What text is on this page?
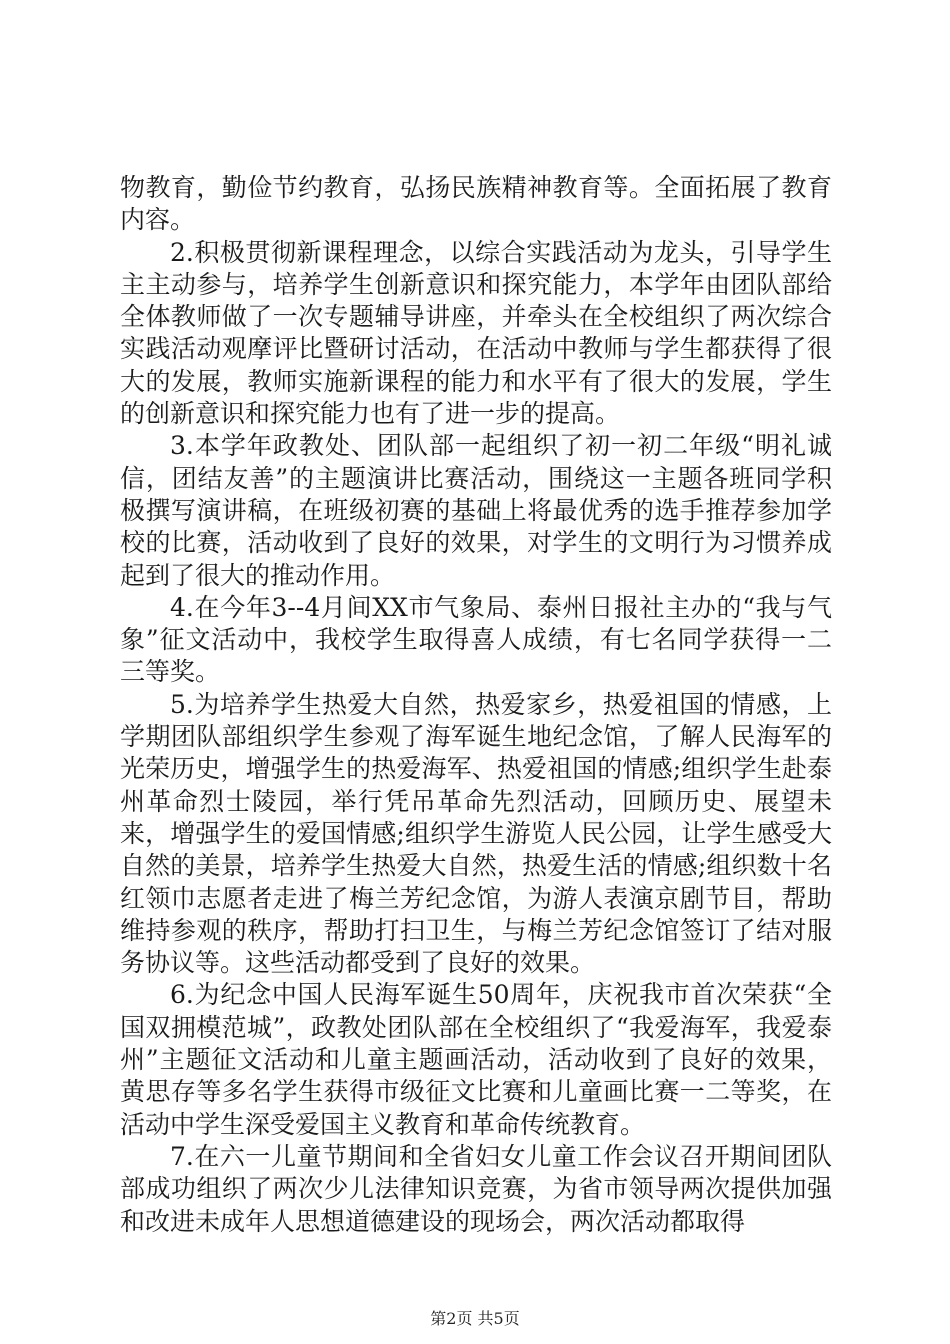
物教育，勤俭节约教育，弘扬民族精神教育等。全面拓展了教育内容。

2.积极贯彻新课程理念，以综合实践活动为龙头，引导学生主主动参与，培养学生创新意识和探究能力，本学年由团队部给全体教师做了一次专题辅导讲座，并牵头在全校组织了两次综合实践活动观摩评比暨研讨活动，在活动中教师与学生都获得了很大的发展，教师实施新课程的能力和水平有了很大的发展，学生的创新意识和探究能力也有了进一步的提高。

3.本学年政教处、团队部一起组织了初一初二年级“明礼诚信，团结友善”的主题演讲比赛活动，围绕这一主题各班同学积极撰写演讲稿，在班级初赛的基础上将最优秀的选手推荐参加学校的比赛，活动收到了良好的效果，对学生的文明行为习惯养成起到了很大的推动作用。

4.在今年3--4月间XX市气象局、泰州日报社主办的“我与气象”征文活动中，我校学生取得喜人成绩，有七名同学获得一二三等奖。

5.为培养学生热爱大自然，热爱家乡，热爱祖国的情感，上学期团队部组织学生参观了海军诞生地纪念馆，了解人民海军的光荣历史，增强学生的热爱海军、热爱祖国的情感;组织学生赴泰州革命烈士陵园，举行凭吊革命先烈活动，回顾历史、展望未来，增强学生的爱国情感;组织学生游览人民公园，让学生感受大自然的美景，培养学生热爱大自然，热爱生活的情感;组织数十名红领巾志愿者走进了梅兰芳纪念馆，为游人表演京剧节目，帮助维持参观的秩序，帮助打扫卫生，与梅兰芳纪念馆签订了结对服务协议等。这些活动都受到了良好的效果。

6.为纪念中国人民海军诞生50周年，庆祝我市首次荣获“全国双拥模范城”，政教处团队部在全校组织了“我爱海军，我爱泰州”主题征文活动和儿童主题画活动，活动收到了良好的效果，黄思存等多名学生获得市级征文比赛和儿童画比赛一二等奖，在活动中学生深受爱国主义教育和革命传统教育。

7.在六一儿童节期间和全省妇女儿童工作会议召开期间团队部成功组织了两次少儿法律知识竞赛，为省市领导两次提供加强和改进未成年人思想道德建设的现场会，两次活动都取得

第2页 共5页
